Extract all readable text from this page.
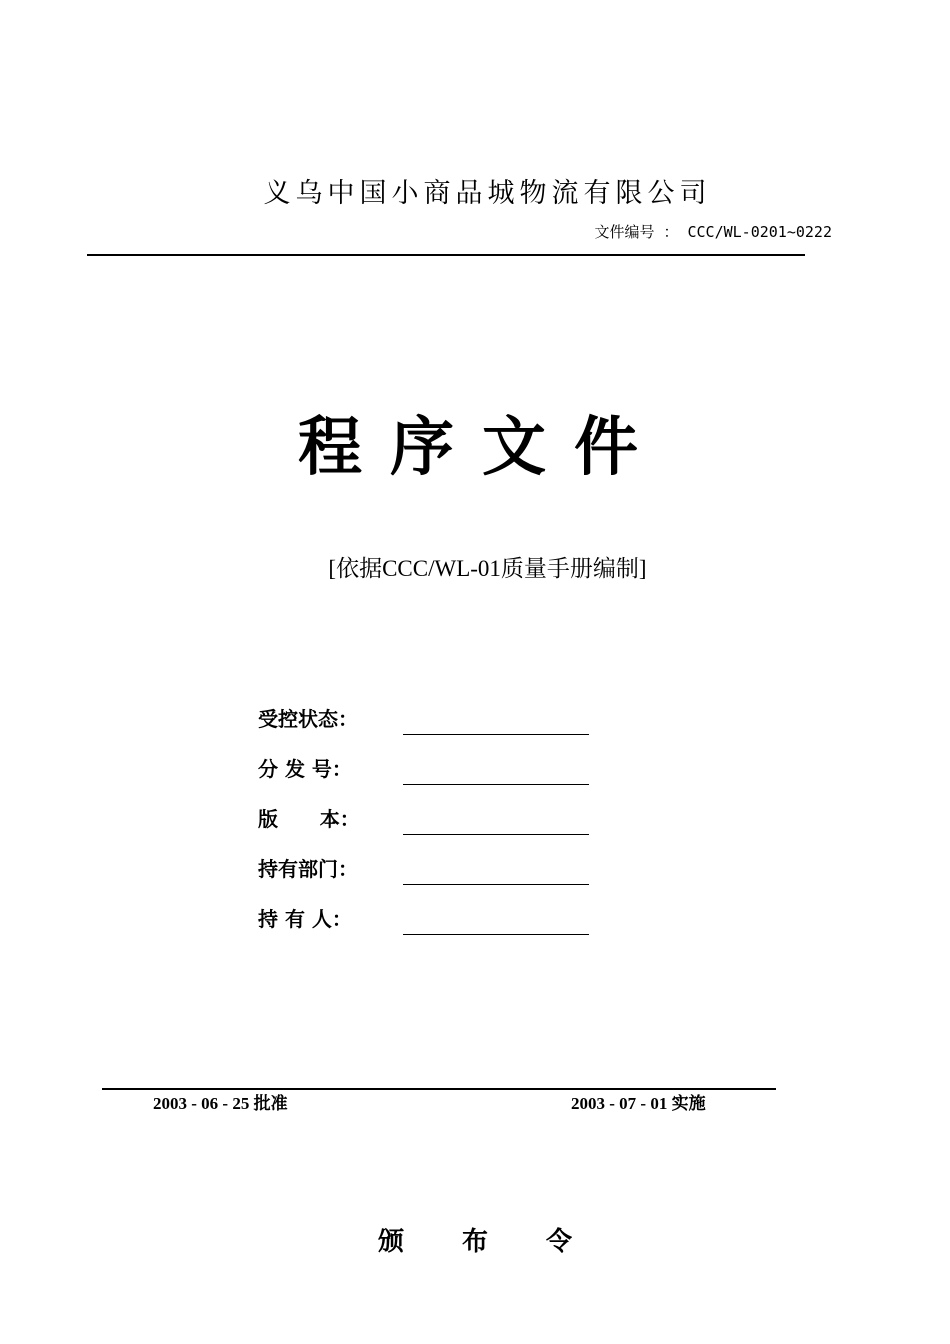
义乌中国小商品城物流有限公司
文件编号 ： CCC/WL-0201~0222
程序文件
[依据CCC/WL-01质量手册编制]
受控状态：
分 发 号：
版      本：
持有部门：
持 有 人：
2003 - 06 - 25 批准	2003 - 07 - 01 实施
颁布令
